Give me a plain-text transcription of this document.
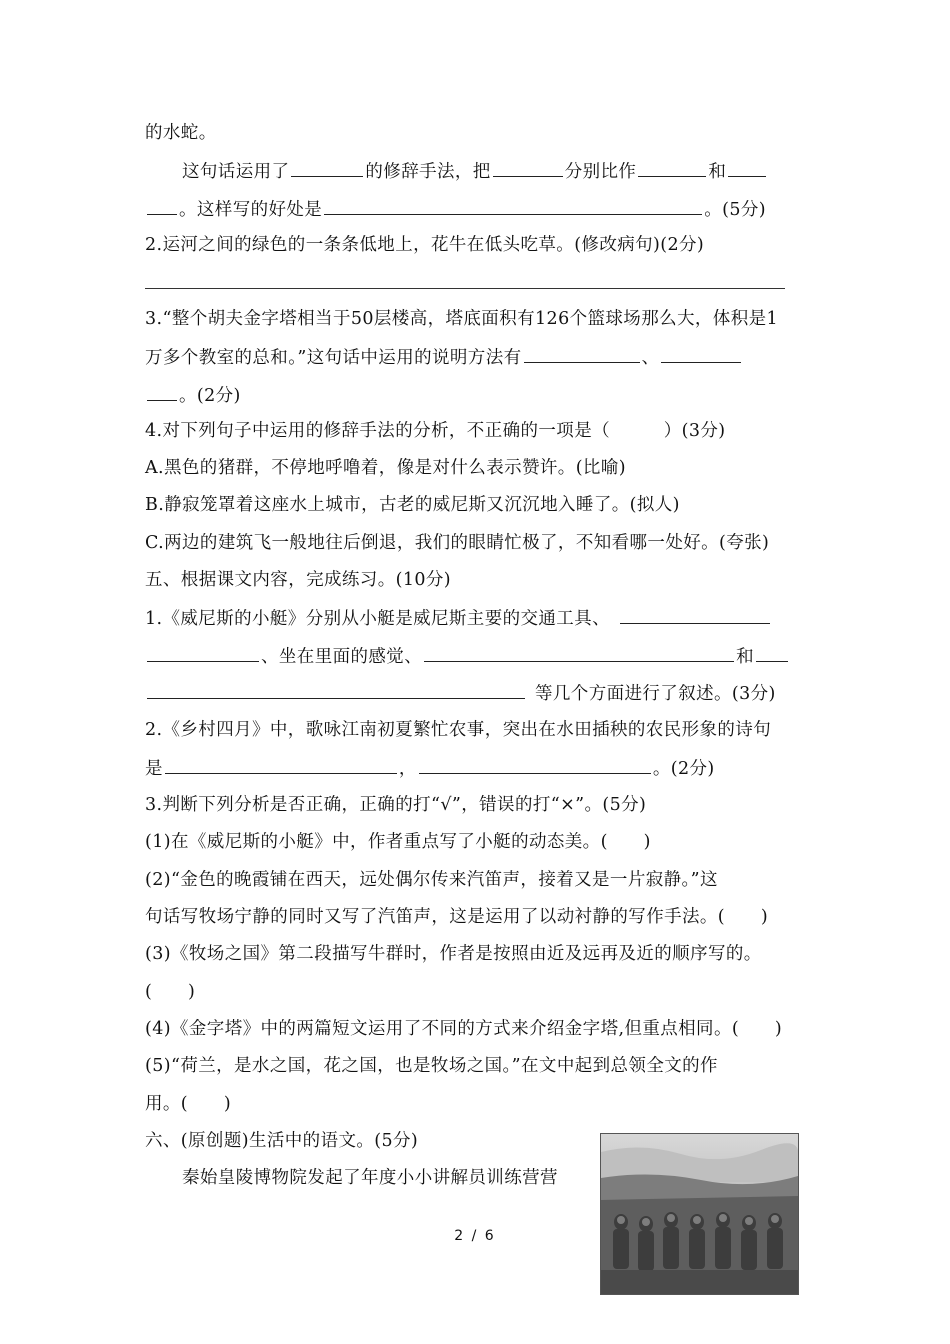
的水蛇。
这句话运用了	的修辞手法，把	分别比作	和
。这样写的好处是	。(5分)
2.运河之间的绿色的一条条低地上，花牛在低头吃草。(修改病句)(2分)
3.“整个胡夫金字塔相当于50层楼高，塔底面积有126个篮球场那么大，体积是1
万多个教室的总和。”这句话中运用的说明方法有	、
。(2分)
4.对下列句子中运用的修辞手法的分析，不正确的一项是（　　　）(3分)
A.黑色的猪群，不停地呼噜着，像是对什么表示赞许。(比喻)
B.静寂笼罩着这座水上城市，古老的威尼斯又沉沉地入睡了。(拟人)
C.两边的建筑飞一般地往后倒退，我们的眼睛忙极了，不知看哪一处好。(夸张)
五、根据课文内容，完成练习。(10分)
1.《威尼斯的小艇》分别从小艇是威尼斯主要的交通工具、
、坐在里面的感觉、	和
等几个方面进行了叙述。(3分)
2.《乡村四月》中，歌咏江南初夏繁忙农事，突出在水田插秧的农民形象的诗句
是	，	。(2分)
3.判断下列分析是否正确，正确的打“√”，错误的打“×”。(5分)
(1)在《威尼斯的小艇》中，作者重点写了小艇的动态美。(　　)
(2)“金色的晚霞铺在西天，远处偶尔传来汽笛声，接着又是一片寂静。”这
句话写牧场宁静的同时又写了汽笛声，这是运用了以动衬静的写作手法。(　　)
(3)《牧场之国》第二段描写牛群时，作者是按照由近及远再及近的顺序写的。
(　　)
(4)《金字塔》中的两篇短文运用了不同的方式来介绍金字塔,但重点相同。(　　)
(5)“荷兰，是水之国，花之国，也是牧场之国。”在文中起到总领全文的作
用。(　　)
六、(原创题)生活中的语文。(5分)
秦始皇陵博物院发起了年度小小讲解员训练营营
2 / 6
